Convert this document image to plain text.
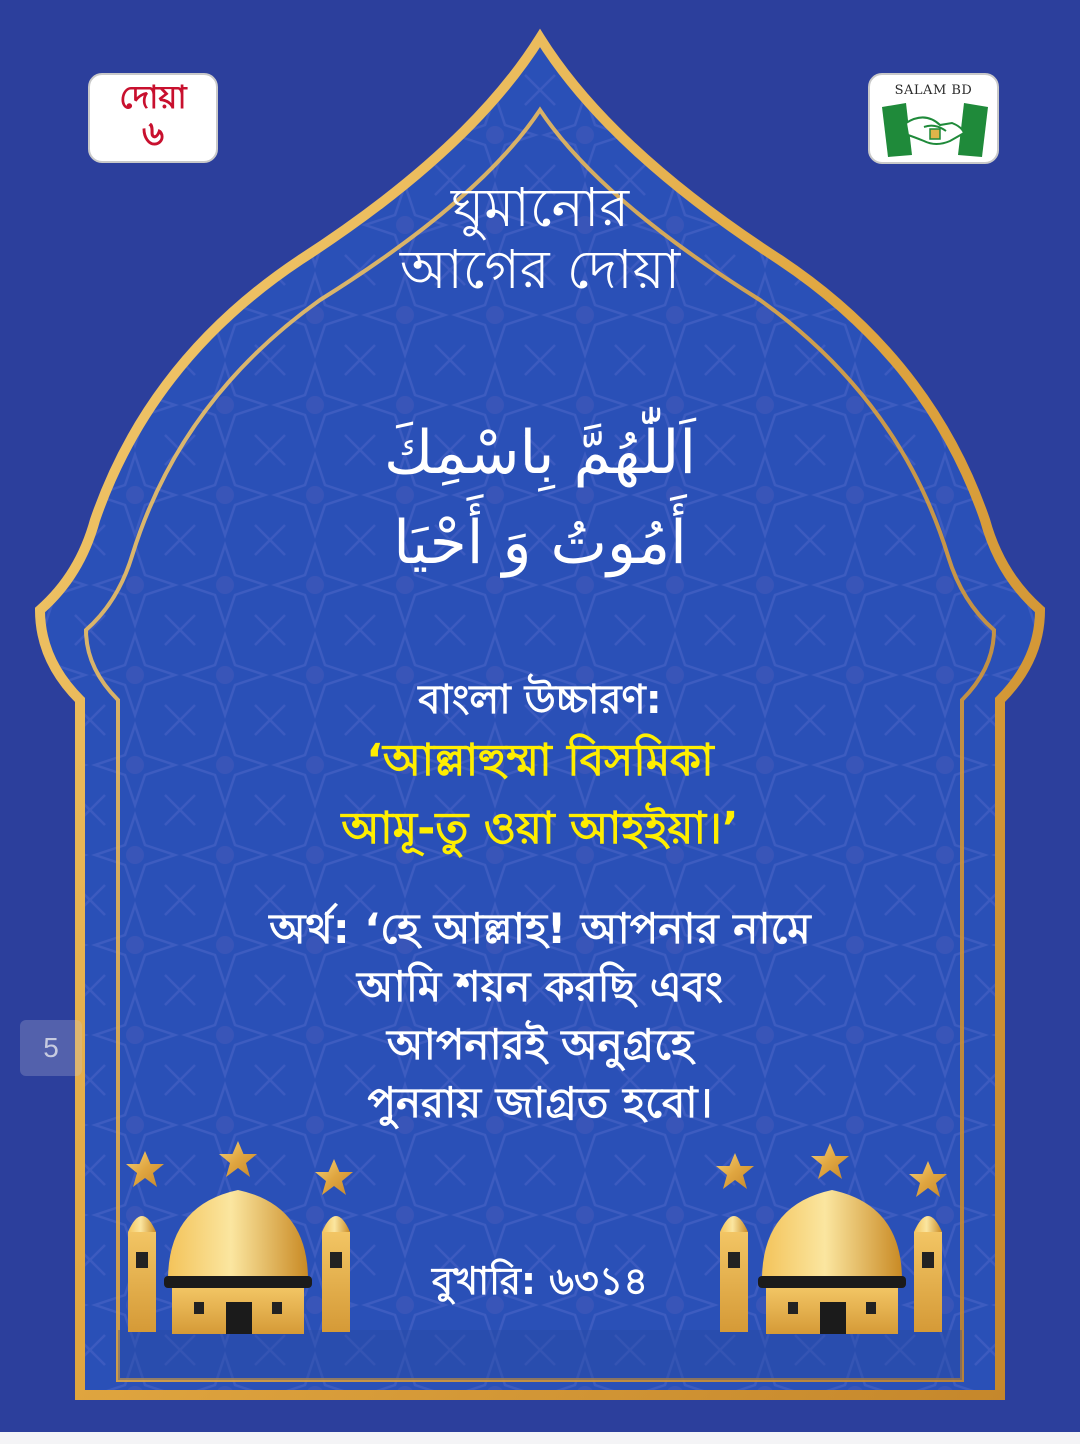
দোয়া
৬
SALAM BD
ঘুমানোর
আগের দোয়া
اَللّٰهُمَّ بِاسْمِكَ
أَمُوتُ وَ أَحْيَا
বাংলা উচ্চারণ:
‘আল্লাহুম্মা বিসমিকা
আমূ-তু ওয়া আহইয়া।’
অর্থ: ‘হে আল্লাহ! আপনার নামে
আমি শয়ন করছি এবং
আপনারই অনুগ্রহে
পুনরায় জাগ্রত হবো।
বুখারি: ৬৩১৪
5
